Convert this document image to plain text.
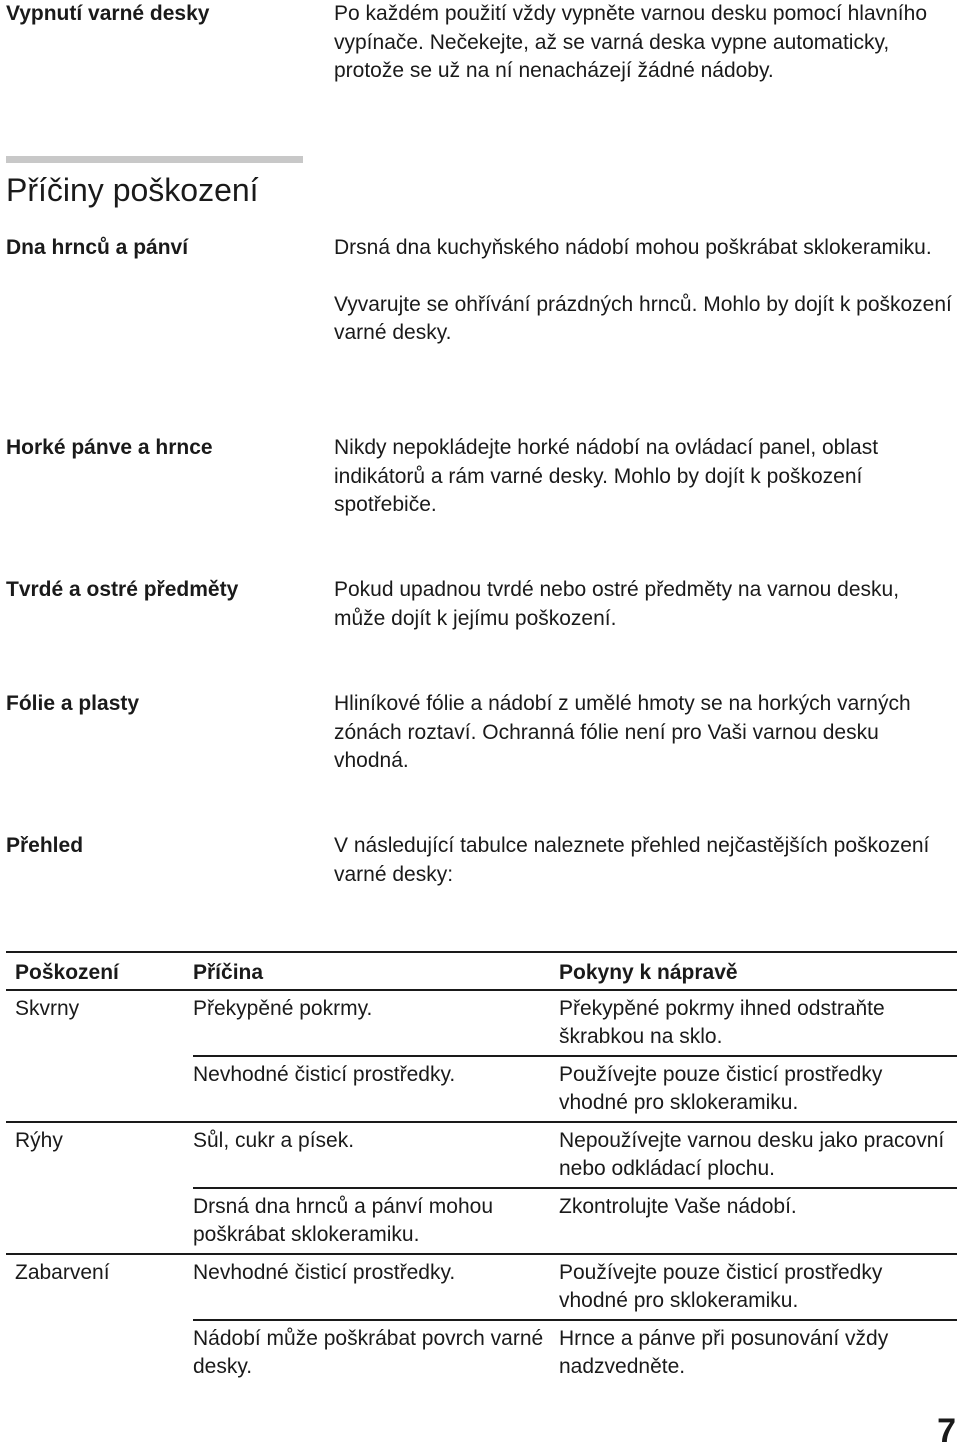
Vypnutí varné desky	Po každém použití vždy vypněte varnou desku pomocí hlavního vypínače. Nečekejte, až se varná deska vypne automaticky, protože se už na ní nenacházejí žádné nádoby.
Příčiny poškození
Dna hrnců a pánví	Drsná dna kuchyňského nádobí mohou poškrábat sklokeramiku.

Vyvarujte se ohřívání prázdných hrnců. Mohlo by dojít k poškození varné desky.

Horké pánve a hrnce	Nikdy nepokládejte horké nádobí na ovládací panel, oblast indikátorů a rám varné desky. Mohlo by dojít k poškození spotřebiče.

Tvrdé a ostré předměty	Pokud upadnou tvrdé nebo ostré předměty na varnou desku, může dojít k jejímu poškození.

Fólie a plasty	Hliníkové fólie a nádobí z umělé hmoty se na horkých varných zónách roztaví. Ochranná fólie není pro Vaši varnou desku vhodná.

Přehled	V následující tabulce naleznete přehled nejčastějších poškození varné desky:

Poškození	Příčina	Pokyny k nápravě
Skvrny	Překypěné pokrmy.	Překypěné pokrmy ihned odstraňte škrabkou na sklo.
	Nevhodné čisticí prostředky.	Používejte pouze čisticí prostředky vhodné pro sklokeramiku.
Rýhy	Sůl, cukr a písek.	Nepoužívejte varnou desku jako pracovní nebo odkládací plochu.
	Drsná dna hrnců a pánví mohou poškrábat sklokeramiku.	Zkontrolujte Vaše nádobí.
Zabarvení	Nevhodné čisticí prostředky.	Používejte pouze čisticí prostředky vhodné pro sklokeramiku.
	Nádobí může poškrábat povrch varné desky.	Hrnce a pánve při posunování vždy nadzvedněte.
7
